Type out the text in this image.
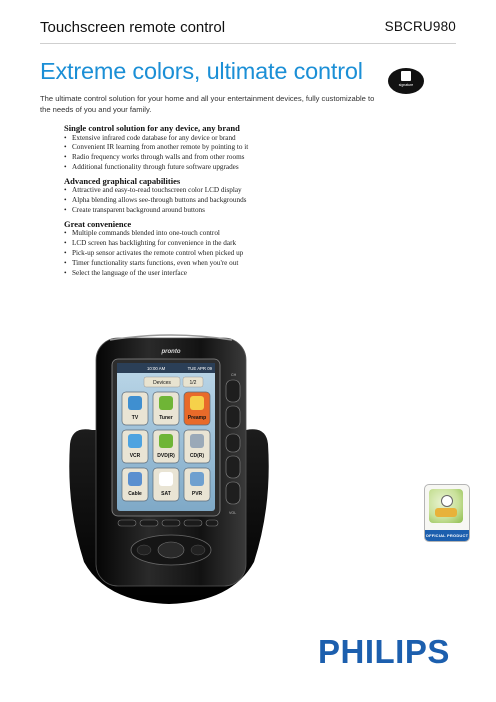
Touchscreen remote control	SBCRU980
Extreme colors, ultimate control
signature

The ultimate control solution for your home and all your entertainment devices, fully customizable to the needs of you and your family.

Single control solution for any device, any brand
• Extensive infrared code database for any device or brand
• Convenient IR learning from another remote by pointing to it
• Radio frequency works through walls and from other rooms
• Additional functionality through future software upgrades
Advanced graphical capabilities
• Attractive and easy-to-read touchscreen color LCD display
• Alpha blending allows see-through buttons and backgrounds
• Create transparent background around buttons
Great convenience
• Multiple commands blended into one-touch control
• LCD screen has backlighting for convenience in the dark
• Pick-up sensor activates the remote control when picked up
• Timer functionality starts functions, even when you're out
• Select the language of the user interface
pronto
10:00 AM	TUE APR 09
Devices	1/2
TV	Tuner	Preamp
VCR	DVD(R)	CD(R)
Cable	SAT	PVR
CH
VOL
OFFICIAL PRODUCT
PHILIPS
